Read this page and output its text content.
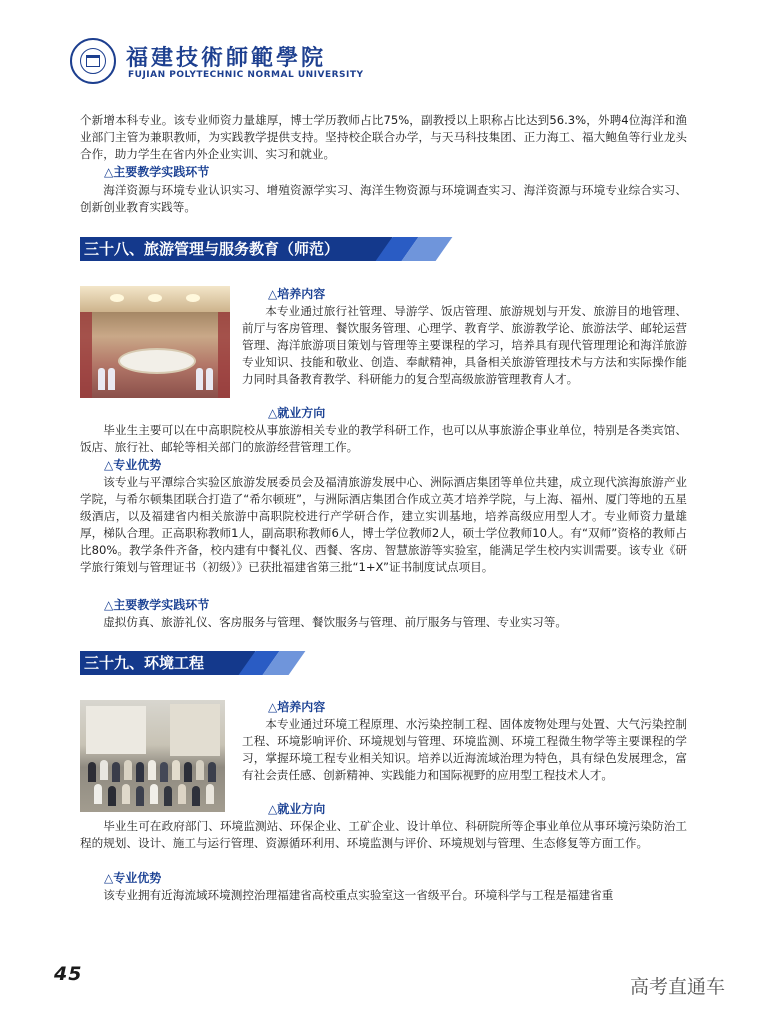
福建技術師範學院
FUJIAN POLYTECHNIC NORMAL UNIVERSITY

个新增本科专业。该专业师资力量雄厚，博士学历教师占比75%，副教授以上职称占比达到56.3%，外聘4位海洋和渔业部门主管为兼职教师，为实践教学提供支持。坚持校企联合办学，与天马科技集团、正力海工、福大鲍鱼等行业龙头合作，助力学生在省内外企业实训、实习和就业。

△主要教学实践环节

海洋资源与环境专业认识实习、增殖资源学实习、海洋生物资源与环境调查实习、海洋资源与环境专业综合实习、创新创业教育实践等。

三十八、旅游管理与服务教育（师范）
△培养内容

本专业通过旅行社管理、导游学、饭店管理、旅游规划与开发、旅游目的地管理、前厅与客房管理、餐饮服务管理、心理学、教育学、旅游教学论、旅游法学、邮轮运营管理、海洋旅游项目策划与管理等主要课程的学习，培养具有现代管理理论和海洋旅游专业知识、技能和敬业、创造、奉献精神，具备相关旅游管理技术与方法和实际操作能力同时具备教育教学、科研能力的复合型高级旅游管理教育人才。

△就业方向

毕业生主要可以在中高职院校从事旅游相关专业的教学科研工作，也可以从事旅游企事业单位，特别是各类宾馆、饭店、旅行社、邮轮等相关部门的旅游经营管理工作。

△专业优势

该专业与平潭综合实验区旅游发展委员会及福清旅游发展中心、洲际酒店集团等单位共建，成立现代滨海旅游产业学院，与希尔顿集团联合打造了“希尔顿班”，与洲际酒店集团合作成立英才培养学院，与上海、福州、厦门等地的五星级酒店，以及福建省内相关旅游中高职院校进行产学研合作，建立实训基地，培养高级应用型人才。专业师资力量雄厚，梯队合理。正高职称教师1人，副高职称教师6人，博士学位教师2人，硕士学位教师10人。有“双师”资格的教师占比80%。教学条件齐备，校内建有中餐礼仪、西餐、客房、智慧旅游等实验室，能满足学生校内实训需要。该专业《研学旅行策划与管理证书（初级）》已获批福建省第三批“1+X”证书制度试点项目。

△主要教学实践环节

虚拟仿真、旅游礼仪、客房服务与管理、餐饮服务与管理、前厅服务与管理、专业实习等。

三十九、环境工程
△培养内容

本专业通过环境工程原理、水污染控制工程、固体废物处理与处置、大气污染控制工程、环境影响评价、环境规划与管理、环境监测、环境工程微生物学等主要课程的学习，掌握环境工程专业相关知识。培养以近海流域治理为特色，具有绿色发展理念，富有社会责任感、创新精神、实践能力和国际视野的应用型工程技术人才。

△就业方向

毕业生可在政府部门、环境监测站、环保企业、工矿企业、设计单位、科研院所等企事业单位从事环境污染防治工程的规划、设计、施工与运行管理、资源循环利用、环境监测与评价、环境规划与管理、生态修复等方面工作。

△专业优势

该专业拥有近海流域环境测控治理福建省高校重点实验室这一省级平台。环境科学与工程是福建省重

45
高考直通车
